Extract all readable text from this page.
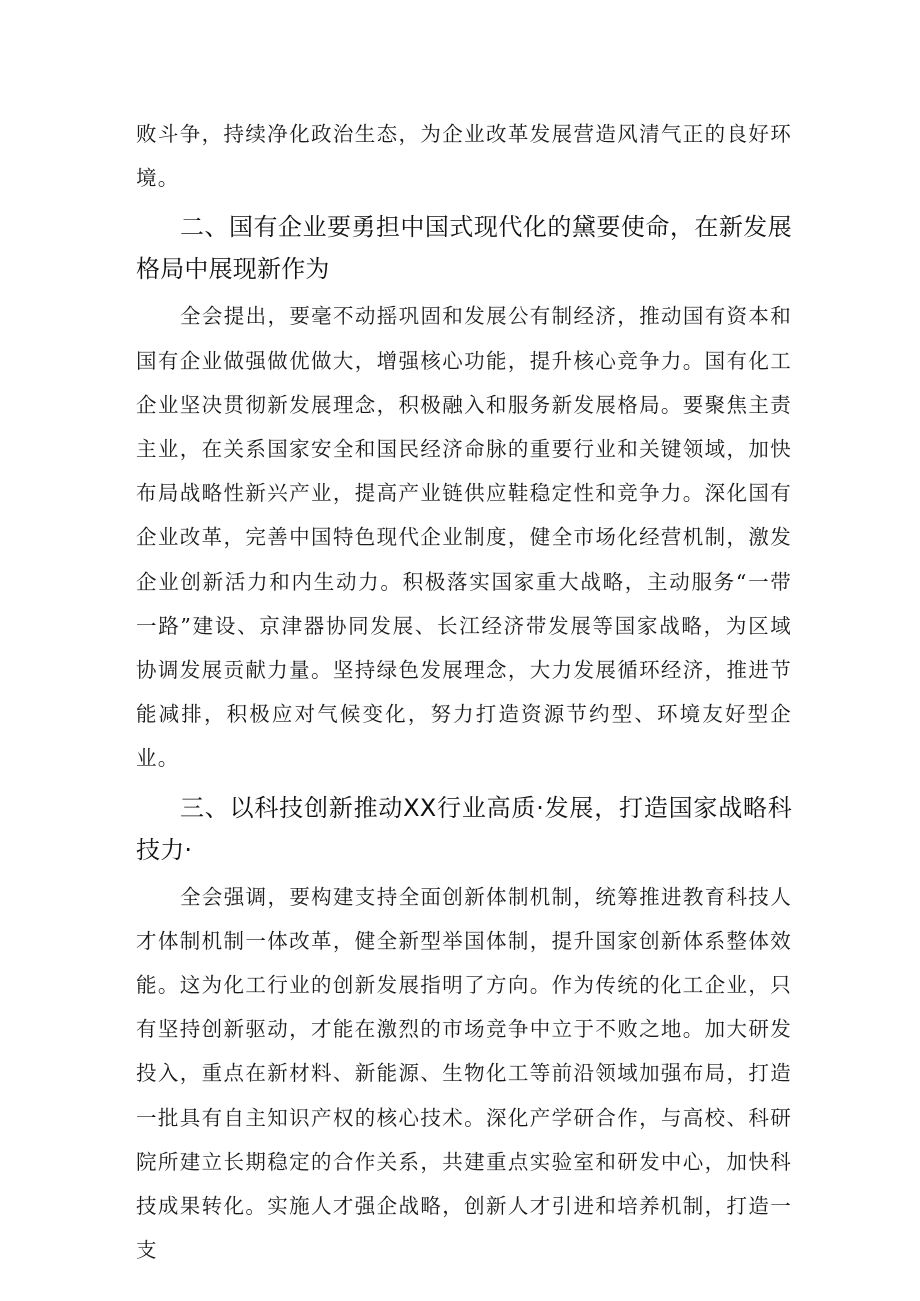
败斗争，持续净化政治生态，为企业改革发展营造风清气正的良好环境。

二、国有企业要勇担中国式现代化的黛要使命，在新发展格局中展现新作为

全会提出，要毫不动摇巩固和发展公有制经济，推动国有资本和国有企业做强做优做大，增强核心功能，提升核心竞争力。国有化工企业坚决贯彻新发展理念，积极融入和服务新发展格局。要聚焦主责主业，在关系国家安全和国民经济命脉的重要行业和关键领域，加快布局战略性新兴产业，提高产业链供应鞋稳定性和竞争力。深化国有企业改革，完善中国特色现代企业制度，健全市场化经营机制，激发企业创新活力和内生动力。积极落实国家重大战略，主动服务“一带一路”建设、京津器协同发展、长江经济带发展等国家战略，为区域协调发展贡献力量。坚持绿色发展理念，大力发展循环经济，推进节能减排，积极应对气候变化，努力打造资源节约型、环境友好型企业。

三、以科技创新推动XX行业高质·发展，打造国家战略科技力·

全会强调，要构建支持全面创新体制机制，统筹推进教育科技人才体制机制一体改革，健全新型举国体制，提升国家创新体系整体效能。这为化工行业的创新发展指明了方向。作为传统的化工企业，只有坚持创新驱动，才能在激烈的市场竞争中立于不败之地。加大研发投入，重点在新材料、新能源、生物化工等前沿领域加强布局，打造一批具有自主知识产权的核心技术。深化产学研合作，与高校、科研院所建立长期稳定的合作关系，共建重点实验室和研发中心，加快科技成果转化。实施人才强企战略，创新人才引进和培养机制，打造一支
